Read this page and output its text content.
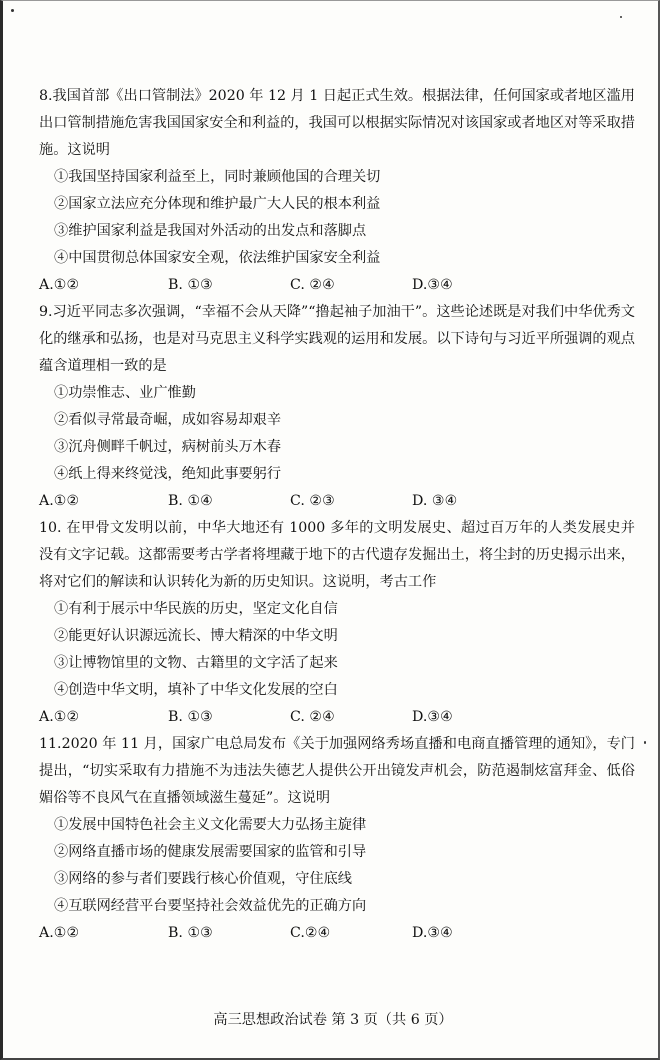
8.我国首部《出口管制法》2020 年 12 月 1 日起正式生效。根据法律，任何国家或者地区滥用出口管制措施危害我国国家安全和利益的，我国可以根据实际情况对该国家或者地区对等采取措施。这说明

①我国坚持国家利益至上，同时兼顾他国的合理关切

②国家立法应充分体现和维护最广大人民的根本利益

③维护国家利益是我国对外活动的出发点和落脚点

④中国贯彻总体国家安全观，依法维护国家安全利益

A.①②	B. ①③	C. ②④	D.③④

9.习近平同志多次强调，“幸福不会从天降”“撸起袖子加油干”。这些论述既是对我们中华优秀文化的继承和弘扬，也是对马克思主义科学实践观的运用和发展。以下诗句与习近平所强调的观点蕴含道理相一致的是

①功崇惟志、业广惟勤

②看似寻常最奇崛，成如容易却艰辛

③沉舟侧畔千帆过，病树前头万木春

④纸上得来终觉浅，绝知此事要躬行

A.①②	B. ①④	C. ②③	D. ③④

10. 在甲骨文发明以前，中华大地还有 1000 多年的文明发展史、超过百万年的人类发展史并没有文字记载。这都需要考古学者将埋藏于地下的古代遗存发掘出土，将尘封的历史揭示出来，将对它们的解读和认识转化为新的历史知识。这说明，考古工作

①有利于展示中华民族的历史，坚定文化自信

②能更好认识源远流长、博大精深的中华文明

③让博物馆里的文物、古籍里的文字活了起来

④创造中华文明，填补了中华文化发展的空白

A.①②	B. ①③	C. ②④	D.③④

11.2020 年 11 月，国家广电总局发布《关于加强网络秀场直播和电商直播管理的通知》，专门提出，“切实采取有力措施不为违法失德艺人提供公开出镜发声机会，防范遏制炫富拜金、低俗媚俗等不良风气在直播领域滋生蔓延”。这说明

①发展中国特色社会主义文化需要大力弘扬主旋律

②网络直播市场的健康发展需要国家的监管和引导

③网络的参与者们要践行核心价值观，守住底线

④互联网经营平台要坚持社会效益优先的正确方向

A.①②	B. ①③	C.②④	D.③④
高三思想政治试卷 第 3 页（共 6 页）
